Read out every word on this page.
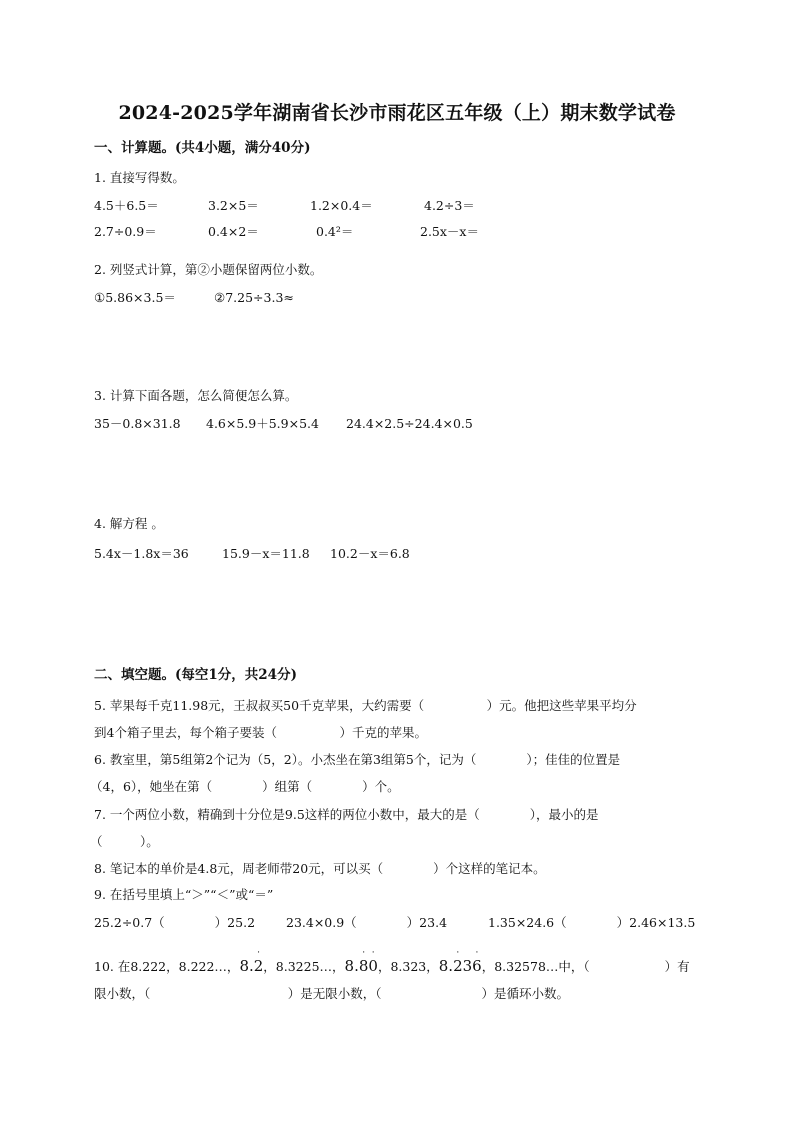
2024-2025学年湖南省长沙市雨花区五年级（上）期末数学试卷
一、计算题。(共4小题，满分40分)
1. 直接写得数。
4.5＋6.5＝	3.2×5＝	1.2×0.4＝	4.2÷3＝
2.7÷0.9＝	0.4×2＝	0.4²＝	2.5x－x＝
2. 列竖式计算，第②小题保留两位小数。
①5.86×3.5＝	②7.25÷3.3≈
3. 计算下面各题，怎么简便怎么算。
35－0.8×31.8 4.6×5.9＋5.9×5.4 24.4×2.5÷24.4×0.5
4. 解方程 。
5.4x－1.8x＝36	15.9－x＝11.8 10.2－x＝6.8
二、填空题。(每空1分，共24分)
5. 苹果每千克11.98元，王叔叔买50千克苹果，大约需要（　　　　　）元。他把这些苹果平均分
到4个箱子里去，每个箱子要装（　　　　　）千克的苹果。
6. 教室里，第5组第2个记为（5，2）。小杰坐在第3组第5个，记为（　　　　）；佳佳的位置是
（4，6），她坐在第（　　　　）组第（　　　　）个。
7. 一个两位小数，精确到十分位是9.5这样的两位小数中，最大的是（　　　　），最小的是
（　　　）。
8. 笔记本的单价是4.8元，周老师带20元，可以买（　　　　）个这样的笔记本。
9. 在括号里填上“＞”“＜”或“＝”
25.2÷0.7（　　　　）25.2 23.4×0.9（　　　　）23.4	1.35×24.6（　　　　）2.46×13.5
10. 在8.222，8.222…，8.
·
2，8.3225…，8.
·
8
·
0，8.323，8.
·
23
·
6，8.32578…中，（　　　　　　）有
限小数，（　　　　　　　　　　　）是无限小数，（　　　　　　　　）是循环小数。
